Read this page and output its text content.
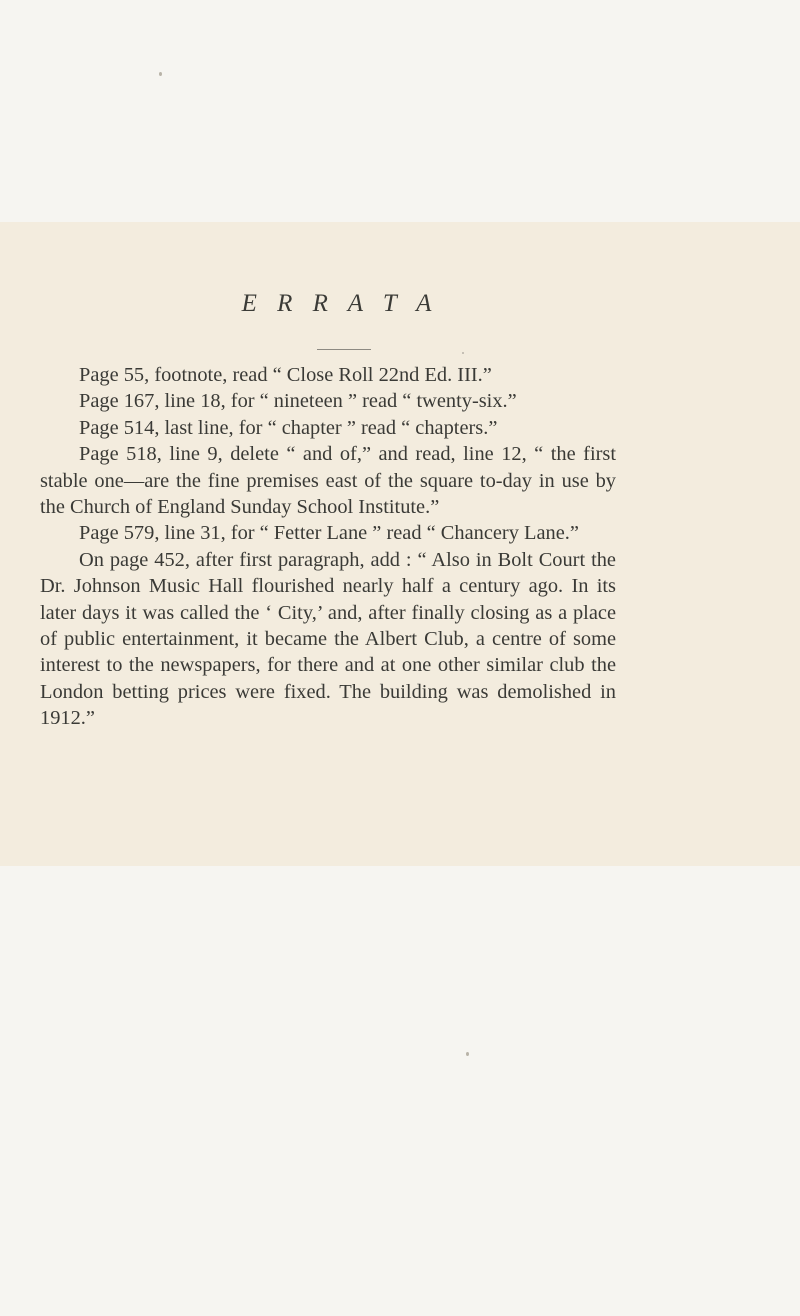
E R R A T A

Page 55, footnote, read “ Close Roll 22nd Ed. III.”

Page 167, line 18, for “ nineteen ” read “ twenty-six.”

Page 514, last line, for “ chapter ” read “ chapters.”

Page 518, line 9, delete “ and of,” and read, line 12, “ the first stable one—are the fine premises east of the square to-day in use by the Church of England Sunday School Institute.”

Page 579, line 31, for “ Fetter Lane ” read “ Chancery Lane.”

On page 452, after first paragraph, add : “ Also in Bolt Court the Dr. Johnson Music Hall flourished nearly half a century ago. In its later days it was called the ‘ City,’ and, after finally closing as a place of public entertainment, it became the Albert Club, a centre of some interest to the newspapers, for there and at one other similar club the London betting prices were fixed. The building was demolished in 1912.”
